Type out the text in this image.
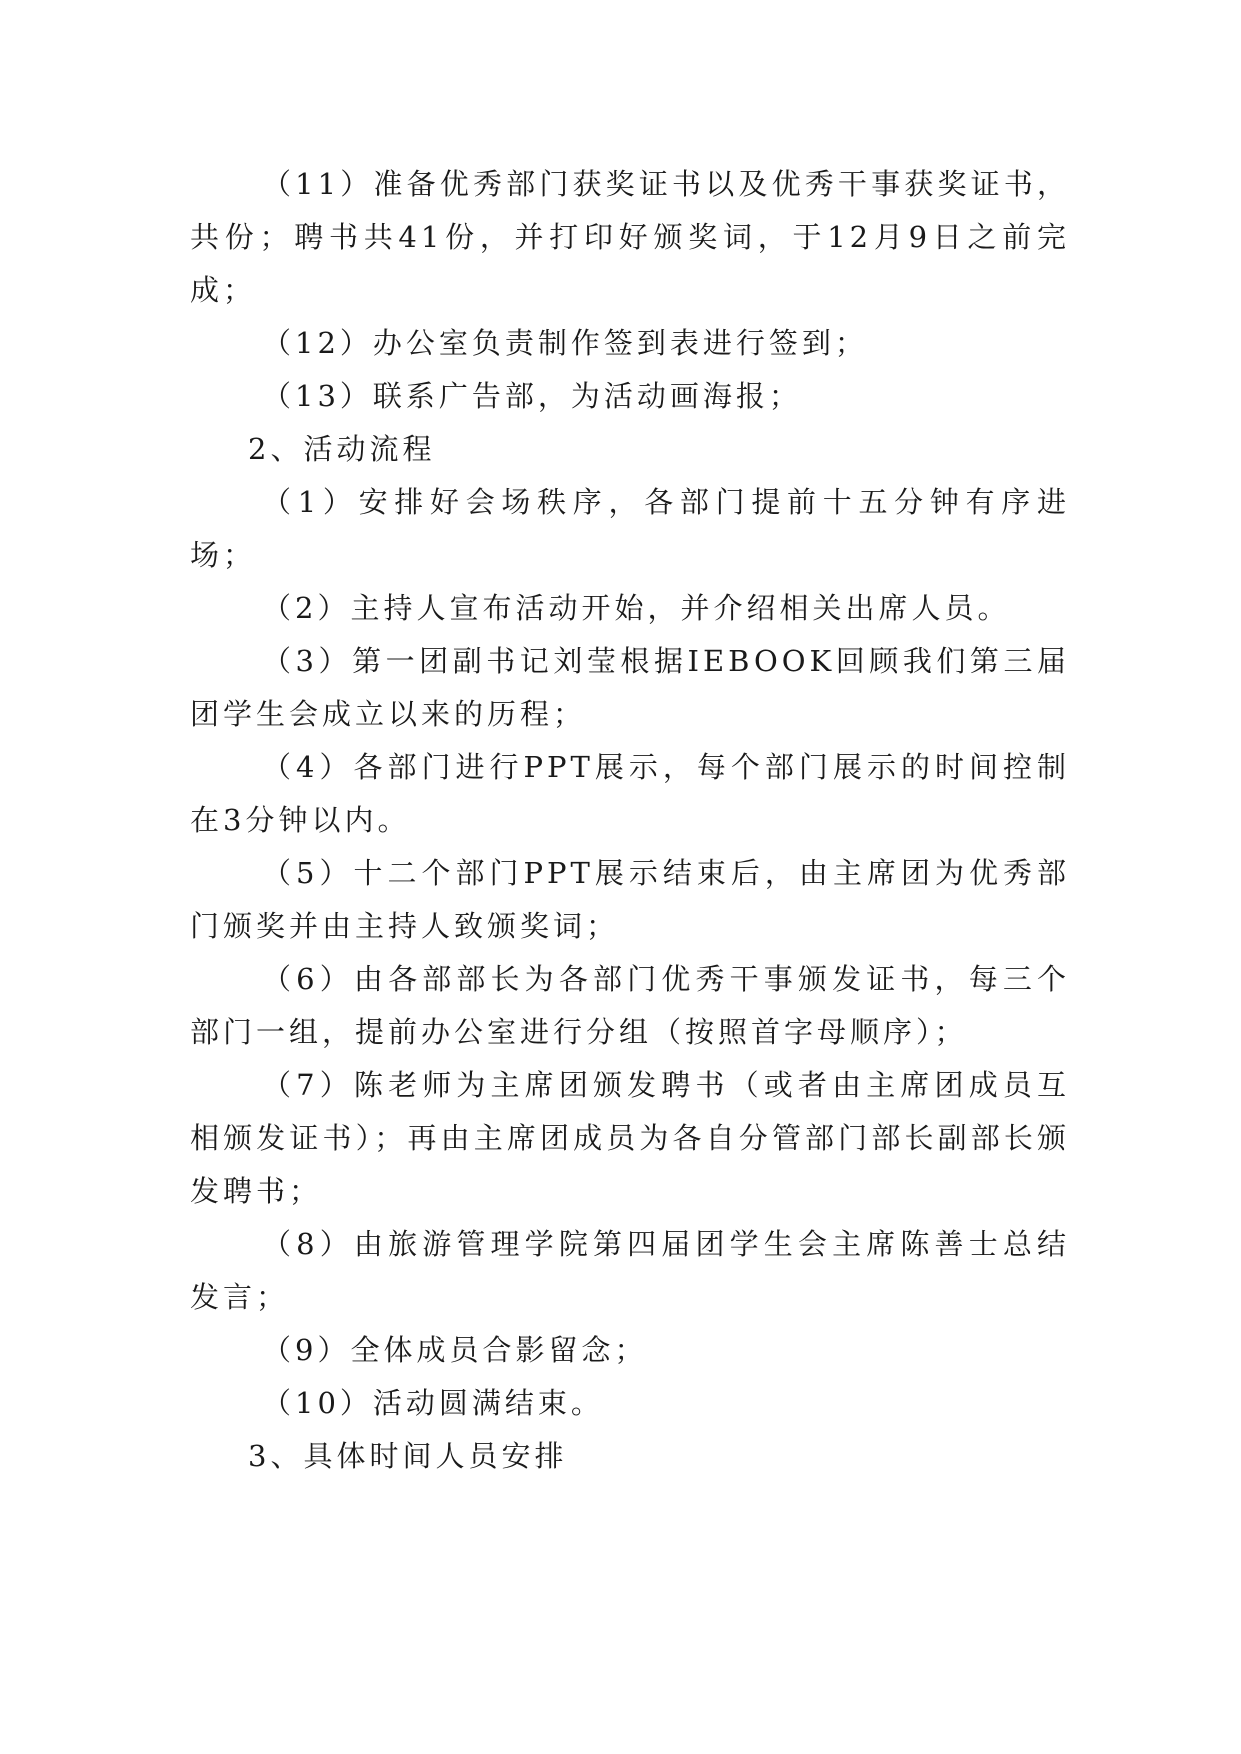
（11）准备优秀部门获奖证书以及优秀干事获奖证书，共份；聘书共41份，并打印好颁奖词，于12月9日之前完成；

（12）办公室负责制作签到表进行签到；

（13）联系广告部，为活动画海报；

2、活动流程

（1）安排好会场秩序，各部门提前十五分钟有序进场；

（2）主持人宣布活动开始，并介绍相关出席人员。

（3）第一团副书记刘莹根据IEBOOK回顾我们第三届团学生会成立以来的历程；

（4）各部门进行PPT展示，每个部门展示的时间控制在3分钟以内。

（5）十二个部门PPT展示结束后，由主席团为优秀部门颁奖并由主持人致颁奖词；

（6）由各部部长为各部门优秀干事颁发证书，每三个部门一组，提前办公室进行分组（按照首字母顺序）；

（7）陈老师为主席团颁发聘书（或者由主席团成员互相颁发证书）；再由主席团成员为各自分管部门部长副部长颁发聘书；

（8）由旅游管理学院第四届团学生会主席陈善士总结发言；

（9）全体成员合影留念；

（10）活动圆满结束。

3、具体时间人员安排
